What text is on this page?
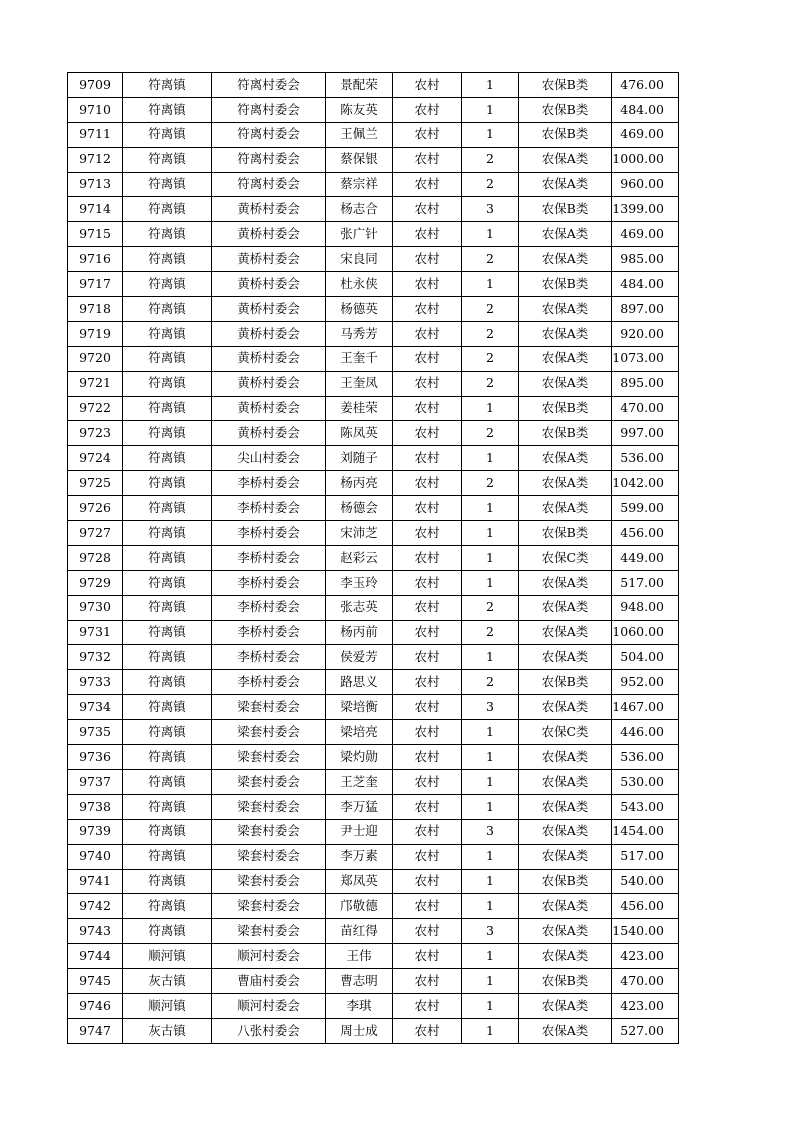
9709	符离镇	符离村委会	景配荣	农村	1	农保B类	476.00
9710	符离镇	符离村委会	陈友英	农村	1	农保B类	484.00
9711	符离镇	符离村委会	王佩兰	农村	1	农保B类	469.00
9712	符离镇	符离村委会	蔡保银	农村	2	农保A类	1000.00
9713	符离镇	符离村委会	蔡宗祥	农村	2	农保A类	960.00
9714	符离镇	黄桥村委会	杨志合	农村	3	农保B类	1399.00
9715	符离镇	黄桥村委会	张广针	农村	1	农保A类	469.00
9716	符离镇	黄桥村委会	宋良同	农村	2	农保A类	985.00
9717	符离镇	黄桥村委会	杜永侠	农村	1	农保B类	484.00
9718	符离镇	黄桥村委会	杨德英	农村	2	农保A类	897.00
9719	符离镇	黄桥村委会	马秀芳	农村	2	农保A类	920.00
9720	符离镇	黄桥村委会	王奎千	农村	2	农保A类	1073.00
9721	符离镇	黄桥村委会	王奎凤	农村	2	农保A类	895.00
9722	符离镇	黄桥村委会	姜桂荣	农村	1	农保B类	470.00
9723	符离镇	黄桥村委会	陈凤英	农村	2	农保B类	997.00
9724	符离镇	尖山村委会	刘随子	农村	1	农保A类	536.00
9725	符离镇	李桥村委会	杨丙亮	农村	2	农保A类	1042.00
9726	符离镇	李桥村委会	杨德会	农村	1	农保A类	599.00
9727	符离镇	李桥村委会	宋沛芝	农村	1	农保B类	456.00
9728	符离镇	李桥村委会	赵彩云	农村	1	农保C类	449.00
9729	符离镇	李桥村委会	李玉玲	农村	1	农保A类	517.00
9730	符离镇	李桥村委会	张志英	农村	2	农保A类	948.00
9731	符离镇	李桥村委会	杨丙前	农村	2	农保A类	1060.00
9732	符离镇	李桥村委会	侯爱芳	农村	1	农保A类	504.00
9733	符离镇	李桥村委会	路思义	农村	2	农保B类	952.00
9734	符离镇	梁套村委会	梁培衡	农村	3	农保A类	1467.00
9735	符离镇	梁套村委会	梁培亮	农村	1	农保C类	446.00
9736	符离镇	梁套村委会	梁灼勋	农村	1	农保A类	536.00
9737	符离镇	梁套村委会	王芝奎	农村	1	农保A类	530.00
9738	符离镇	梁套村委会	李万猛	农村	1	农保A类	543.00
9739	符离镇	梁套村委会	尹士迎	农村	3	农保A类	1454.00
9740	符离镇	梁套村委会	李万素	农村	1	农保A类	517.00
9741	符离镇	梁套村委会	郑凤英	农村	1	农保B类	540.00
9742	符离镇	梁套村委会	邝敬德	农村	1	农保A类	456.00
9743	符离镇	梁套村委会	苗红得	农村	3	农保A类	1540.00
9744	顺河镇	顺河村委会	王伟	农村	1	农保A类	423.00
9745	灰古镇	曹庙村委会	曹志明	农村	1	农保B类	470.00
9746	顺河镇	顺河村委会	李琪	农村	1	农保A类	423.00
9747	灰古镇	八张村委会	周士成	农村	1	农保A类	527.00
